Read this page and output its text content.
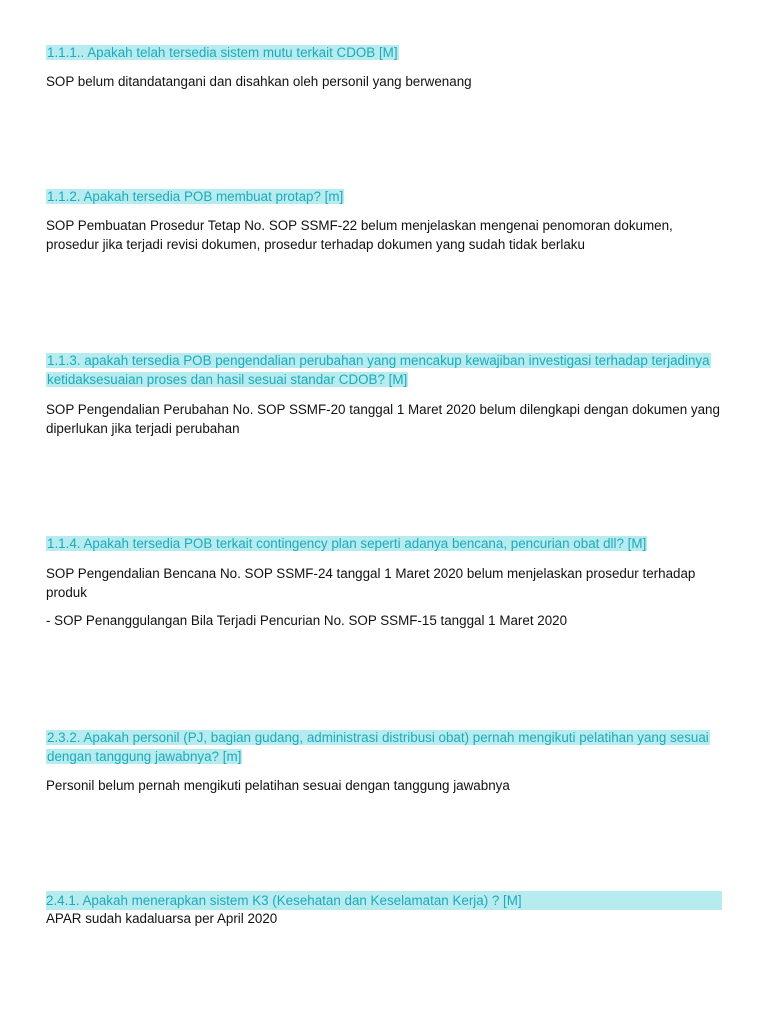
1.1.1.. Apakah telah tersedia sistem mutu terkait CDOB [M]
SOP belum ditandatangani dan disahkan oleh personil yang berwenang
1.1.2. Apakah tersedia POB membuat protap? [m]
SOP Pembuatan Prosedur Tetap No. SOP SSMF-22 belum menjelaskan mengenai penomoran dokumen, prosedur jika terjadi revisi dokumen, prosedur terhadap dokumen yang sudah tidak berlaku
1.1.3. apakah tersedia POB pengendalian perubahan yang mencakup kewajiban investigasi terhadap terjadinya ketidaksesuaian proses dan hasil sesuai standar CDOB? [M]
SOP Pengendalian Perubahan No. SOP SSMF-20 tanggal 1 Maret 2020 belum dilengkapi dengan dokumen yang diperlukan jika terjadi perubahan
1.1.4. Apakah tersedia POB terkait contingency plan seperti adanya bencana, pencurian obat dll? [M]
SOP Pengendalian Bencana No. SOP SSMF-24 tanggal 1 Maret 2020 belum menjelaskan prosedur terhadap produk
- SOP Penanggulangan Bila Terjadi Pencurian No. SOP SSMF-15 tanggal 1 Maret 2020
2.3.2. Apakah personil (PJ, bagian gudang, administrasi distribusi obat) pernah mengikuti pelatihan yang sesuai dengan tanggung jawabnya? [m]
Personil belum pernah mengikuti pelatihan sesuai dengan tanggung jawabnya
2.4.1. Apakah menerapkan sistem K3 (Kesehatan dan Keselamatan Kerja) ? [M]
APAR sudah kadaluarsa per April 2020
